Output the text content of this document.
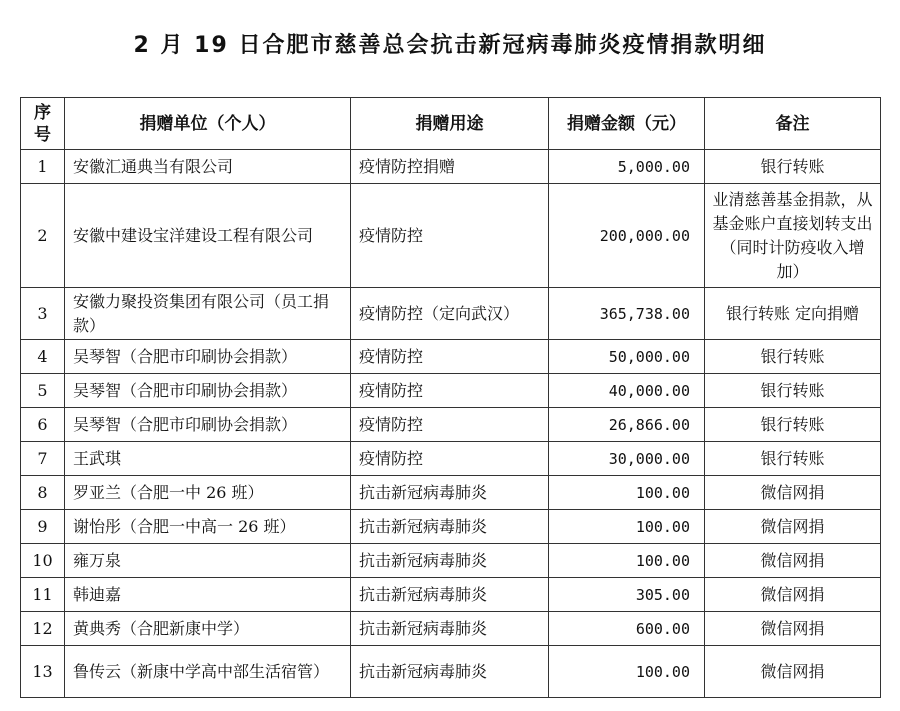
2 月 19 日合肥市慈善总会抗击新冠病毒肺炎疫情捐款明细
序号	捐赠单位（个人）	捐赠用途	捐赠金额（元）	备注
1	安徽汇通典当有限公司	疫情防控捐赠	5,000.00	银行转账
2	安徽中建设宝洋建设工程有限公司	疫情防控	200,000.00	业清慈善基金捐款，从基金账户直接划转支出（同时计防疫收入增加）
3	安徽力聚投资集团有限公司（员工捐款）	疫情防控（定向武汉）	365,738.00	银行转账 定向捐赠
4	吴琴智（合肥市印刷协会捐款）	疫情防控	50,000.00	银行转账
5	吴琴智（合肥市印刷协会捐款）	疫情防控	40,000.00	银行转账
6	吴琴智（合肥市印刷协会捐款）	疫情防控	26,866.00	银行转账
7	王武琪	疫情防控	30,000.00	银行转账
8	罗亚兰（合肥一中 26 班）	抗击新冠病毒肺炎	100.00	微信网捐
9	谢怡彤（合肥一中高一 26 班）	抗击新冠病毒肺炎	100.00	微信网捐
10	雍万泉	抗击新冠病毒肺炎	100.00	微信网捐
11	韩迪嘉	抗击新冠病毒肺炎	305.00	微信网捐
12	黄典秀（合肥新康中学）	抗击新冠病毒肺炎	600.00	微信网捐
13	鲁传云（新康中学高中部生活宿管）	抗击新冠病毒肺炎	100.00	微信网捐
